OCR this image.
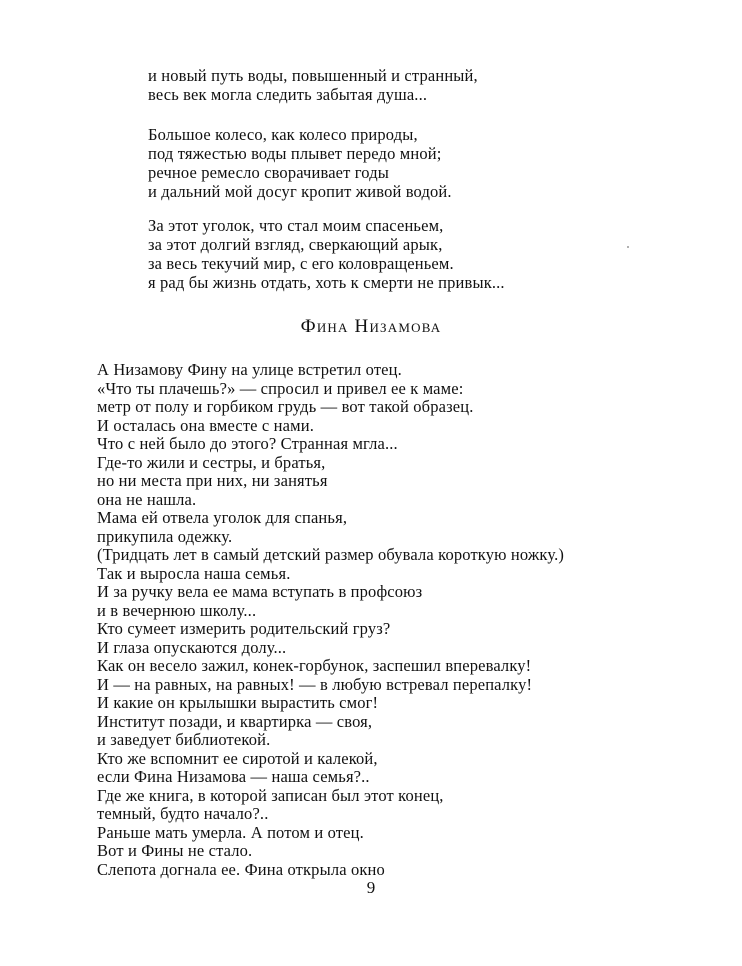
и новый путь воды, повышенный и странный,
весь век могла следить забытая душа...
Большое колесо, как колесо природы,
под тяжестью воды плывет передо мной;
речное ремесло сворачивает годы
и дальний мой досуг кропит живой водой.
За этот уголок, что стал моим спасеньем,
за этот долгий взгляд, сверкающий арык,
за весь текучий мир, с его коловращеньем.
я рад бы жизнь отдать, хоть к смерти не привык...
Фина Низамова
А Низамову Фину на улице встретил отец.
«Что ты плачешь?» — спросил и привел ее к маме:
метр от полу и горбиком грудь — вот такой образец.
И осталась она вместе с нами.
Что с ней было до этого? Странная мгла...
Где-то жили и сестры, и братья,
но ни места при них, ни занятья
она не нашла.
Мама ей отвела уголок для спанья,
прикупила одежку.
(Тридцать лет в самый детский размер обувала короткую ножку.)
Так и выросла наша семья.
И за ручку вела ее мама вступать в профсоюз
и в вечернюю школу...
Кто сумеет измерить родительский груз?
И глаза опускаются долу...
Как он весело зажил, конек-горбунок, заспешил вперевалку!
И — на равных, на равных! — в любую встревал перепалку!
И какие он крылышки вырастить смог!
Институт позади, и квартирка — своя,
и заведует библиотекой.
Кто же вспомнит ее сиротой и калекой,
если Фина Низамова — наша семья?..
Где же книга, в которой записан был этот конец,
темный, будто начало?..
Раньше мать умерла. А потом и отец.
Вот и Фины не стало.
Слепота догнала ее. Фина открыла окно
9
